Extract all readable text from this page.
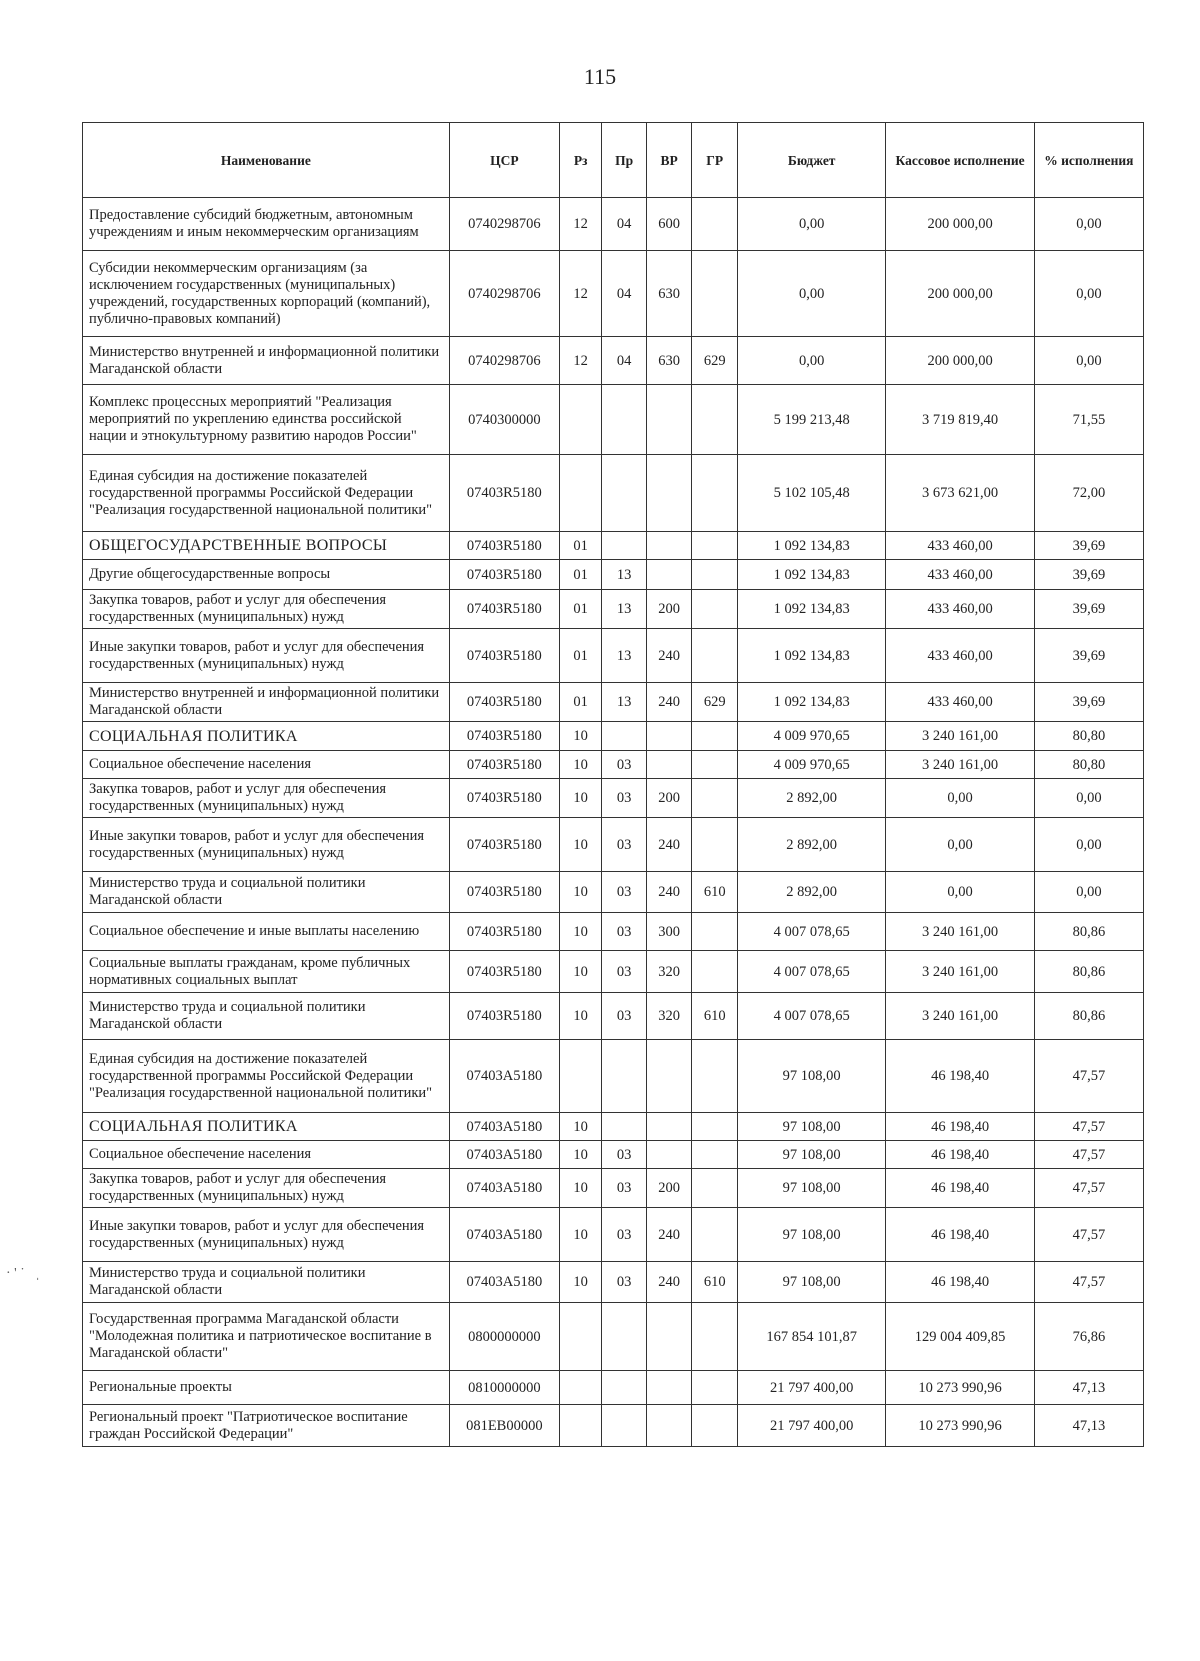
115
· ' ˙   ˌ
Наименование	ЦСР	Рз	Пр	ВР	ГР	Бюджет	Кассовое исполнение	% исполнения
Предоставление субсидий бюджетным, автономным учреждениям и иным некоммерческим организациям	0740298706	12	04	600		0,00	200 000,00	0,00
Субсидии некоммерческим организациям (за исключением государственных (муниципальных) учреждений, государственных корпораций (компаний), публично-правовых компаний)	0740298706	12	04	630		0,00	200 000,00	0,00
Министерство внутренней и информационной политики Магаданской области	0740298706	12	04	630	629	0,00	200 000,00	0,00
Комплекс процессных мероприятий "Реализация мероприятий по укреплению единства российской нации и этнокультурному развитию народов России"	0740300000					5 199 213,48	3 719 819,40	71,55
Единая субсидия на достижение показателей государственной программы Российской Федерации "Реализация государственной национальной политики"	07403R5180					5 102 105,48	3 673 621,00	72,00
ОБЩЕГОСУДАРСТВЕННЫЕ ВОПРОСЫ	07403R5180	01				1 092 134,83	433 460,00	39,69
Другие общегосударственные вопросы	07403R5180	01	13			1 092 134,83	433 460,00	39,69
Закупка товаров, работ и услуг для обеспечения государственных (муниципальных) нужд	07403R5180	01	13	200		1 092 134,83	433 460,00	39,69
Иные закупки товаров, работ и услуг для обеспечения государственных (муниципальных) нужд	07403R5180	01	13	240		1 092 134,83	433 460,00	39,69
Министерство внутренней и информационной политики Магаданской области	07403R5180	01	13	240	629	1 092 134,83	433 460,00	39,69
СОЦИАЛЬНАЯ ПОЛИТИКА	07403R5180	10				4 009 970,65	3 240 161,00	80,80
Социальное обеспечение населения	07403R5180	10	03			4 009 970,65	3 240 161,00	80,80
Закупка товаров, работ и услуг для обеспечения государственных (муниципальных) нужд	07403R5180	10	03	200		2 892,00	0,00	0,00
Иные закупки товаров, работ и услуг для обеспечения государственных (муниципальных) нужд	07403R5180	10	03	240		2 892,00	0,00	0,00
Министерство труда и социальной политики Магаданской области	07403R5180	10	03	240	610	2 892,00	0,00	0,00
Социальное обеспечение и иные выплаты населению	07403R5180	10	03	300		4 007 078,65	3 240 161,00	80,86
Социальные выплаты гражданам, кроме публичных нормативных социальных выплат	07403R5180	10	03	320		4 007 078,65	3 240 161,00	80,86
Министерство труда и социальной политики Магаданской области	07403R5180	10	03	320	610	4 007 078,65	3 240 161,00	80,86
Единая субсидия на достижение показателей государственной программы Российской Федерации "Реализация государственной национальной политики"	07403A5180					97 108,00	46 198,40	47,57
СОЦИАЛЬНАЯ ПОЛИТИКА	07403A5180	10				97 108,00	46 198,40	47,57
Социальное обеспечение населения	07403A5180	10	03			97 108,00	46 198,40	47,57
Закупка товаров, работ и услуг для обеспечения государственных (муниципальных) нужд	07403A5180	10	03	200		97 108,00	46 198,40	47,57
Иные закупки товаров, работ и услуг для обеспечения государственных (муниципальных) нужд	07403A5180	10	03	240		97 108,00	46 198,40	47,57
Министерство труда и социальной политики Магаданской области	07403A5180	10	03	240	610	97 108,00	46 198,40	47,57
Государственная программа Магаданской области "Молодежная политика и патриотическое воспитание в Магаданской области"	0800000000					167 854 101,87	129 004 409,85	76,86
Региональные проекты	0810000000					21 797 400,00	10 273 990,96	47,13
Региональный проект "Патриотическое воспитание граждан Российской Федерации"	081EB00000					21 797 400,00	10 273 990,96	47,13
